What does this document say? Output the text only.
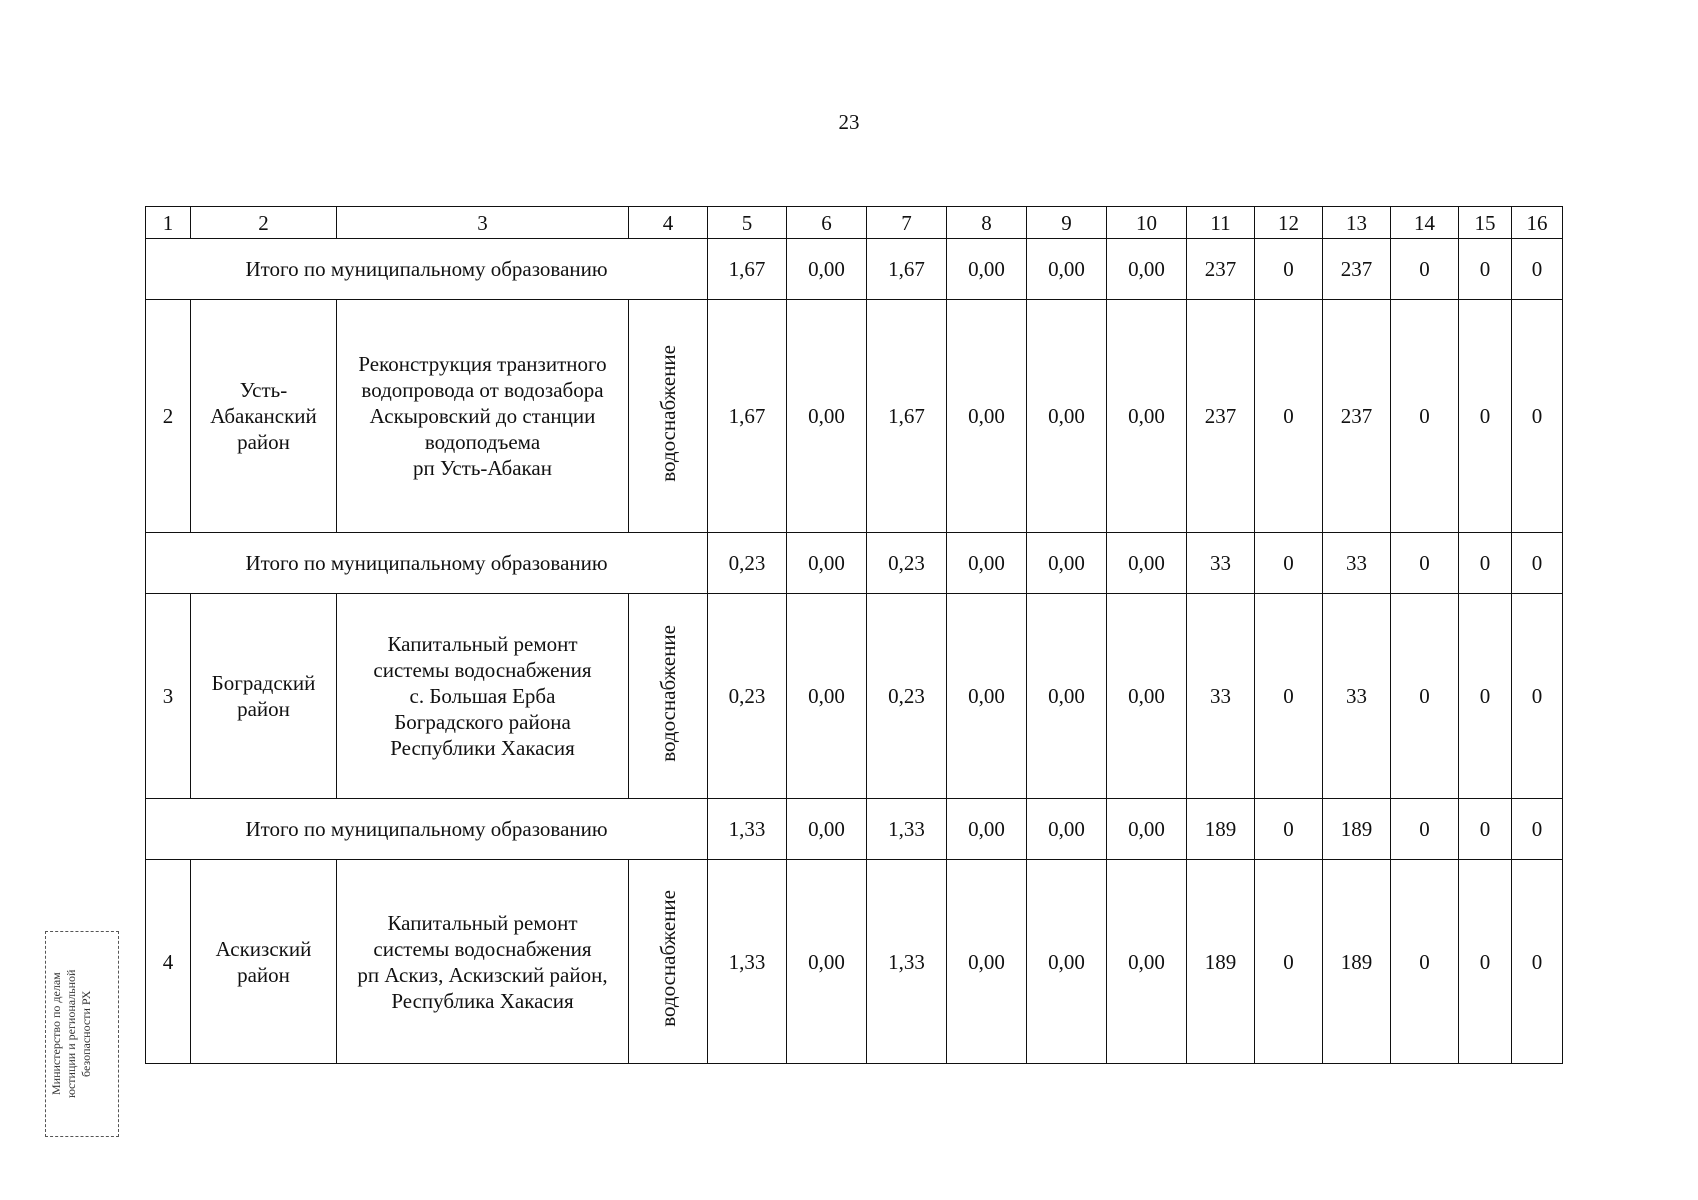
23
1	2	3	4	5	6	7	8	9	10	11	12	13	14	15	16
Итого по муниципальному образованию				1,67	0,00	1,67	0,00	0,00	0,00	237	0	237	0	0	0
2	Усть-
Абаканский
район	Реконструкция транзитного
водопровода от водозабора
Аскыровский до станции
водоподъема
рп Усть-Абакан	водоснабжение	1,67	0,00	1,67	0,00	0,00	0,00	237	0	237	0	0	0
Итого по муниципальному образованию				0,23	0,00	0,23	0,00	0,00	0,00	33	0	33	0	0	0
3	Боградский
район	Капитальный ремонт
системы водоснабжения
с. Большая Ерба
Боградского района
Республики Хакасия	водоснабжение	0,23	0,00	0,23	0,00	0,00	0,00	33	0	33	0	0	0
Итого по муниципальному образованию				1,33	0,00	1,33	0,00	0,00	0,00	189	0	189	0	0	0
4	Аскизский
район	Капитальный ремонт
системы водоснабжения
рп Аскиз, Аскизский район,
Республика Хакасия	водоснабжение	1,33	0,00	1,33	0,00	0,00	0,00	189	0	189	0	0	0
Министерство по делам
юстиции и региональной
безопасности РХ
